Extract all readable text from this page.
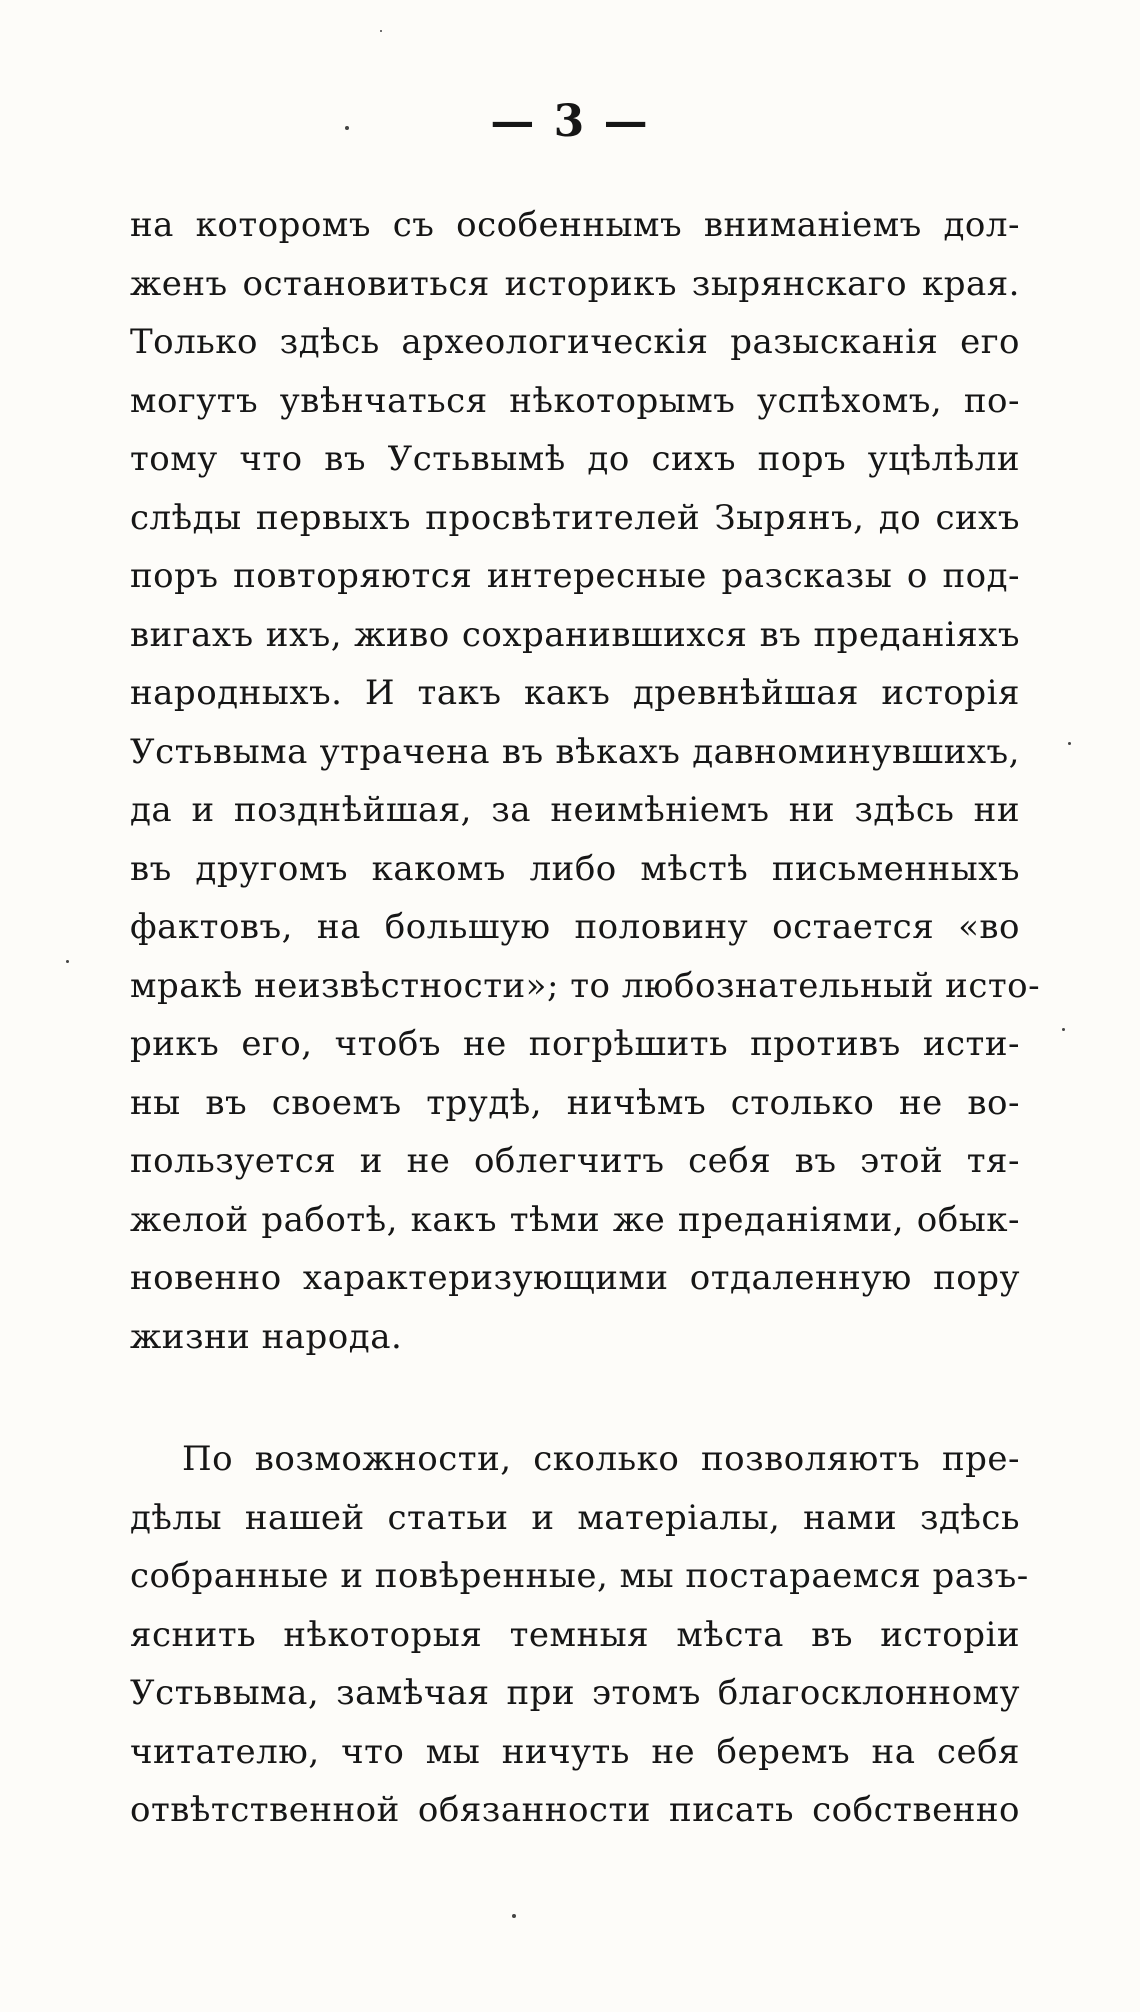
— 3 —
на которомъ съ особеннымъ вниманіемъ дол-
женъ остановиться историкъ зырянскаго края.
Только здѣсь археологическія разысканія его
могутъ увѣнчаться нѣкоторымъ успѣхомъ, по-
тому что въ Устьвымѣ до сихъ поръ уцѣлѣли
слѣды первыхъ просвѣтителей Зырянъ, до сихъ
поръ повторяются интересные разсказы о под-
вигахъ ихъ, живо сохранившихся въ преданіяхъ
народныхъ. И такъ какъ древнѣйшая исторія
Устьвыма утрачена въ вѣкахъ давноминувшихъ,
да и позднѣйшая, за неимѣніемъ ни здѣсь ни
въ другомъ какомъ либо мѣстѣ письменныхъ
фактовъ, на большую половину остается «во
мракѣ неизвѣстности»; то любознательный исто-
рикъ его, чтобъ не погрѣшить противъ исти-
ны въ своемъ трудѣ, ничѣмъ столько не во-
пользуется и не облегчитъ себя въ этой тя-
желой работѣ, какъ тѣми же преданіями, обык-
новенно характеризующими отдаленную пору
жизни народа.
По возможности, сколько позволяютъ пре-
дѣлы нашей статьи и матеріалы, нами здѣсь
собранные и повѣренные, мы постараемся разъ-
яснить нѣкоторыя темныя мѣста въ исторіи
Устьвыма, замѣчая при этомъ благосклонному
читателю, что мы ничуть не беремъ на себя
отвѣтственной обязанности писать собственно
